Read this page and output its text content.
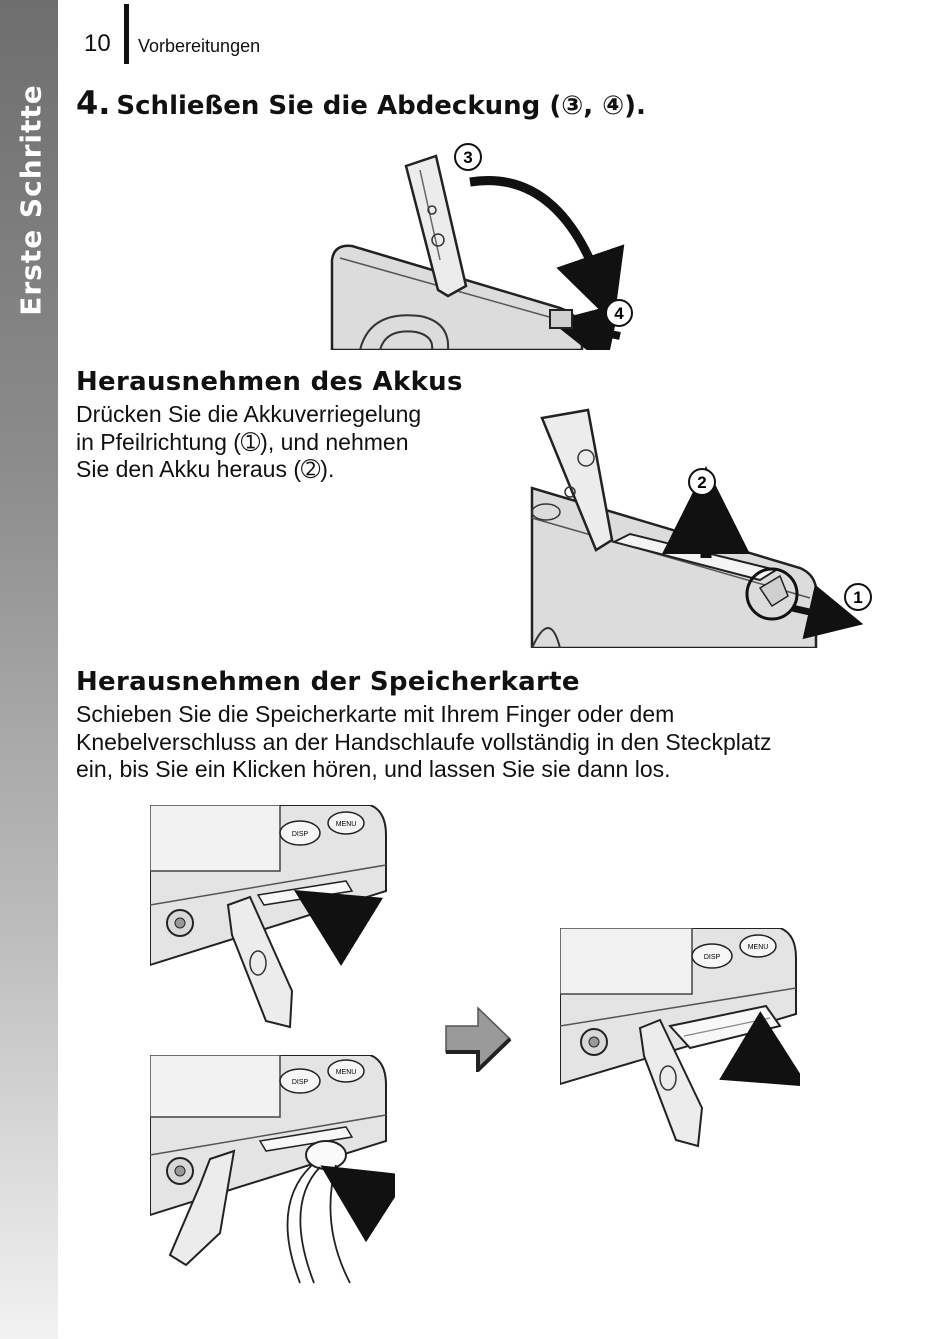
Erste Schritte
10 Vorbereitungen
4. Schließen Sie die Abdeckung (③, ④).
3
4
Herausnehmen des Akkus
Drücken Sie die Akkuverriegelung
in Pfeilrichtung (➀), und nehmen
Sie den Akku heraus (➁).
2
1
Herausnehmen der Speicherkarte
Schieben Sie die Speicherkarte mit Ihrem Finger oder dem
Knebelverschluss an der Handschlaufe vollständig in den Steckplatz
ein, bis Sie ein Klicken hören, und lassen Sie sie dann los.
DISP
MENU
DISP
MENU
DISP
MENU
